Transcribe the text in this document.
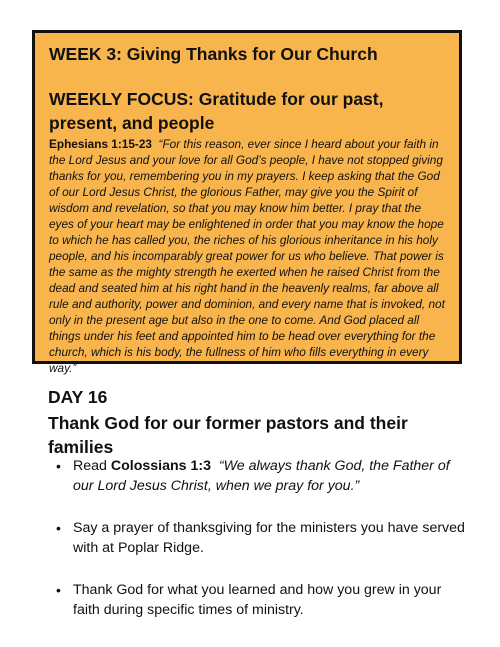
WEEK 3: Giving Thanks for Our Church

WEEKLY FOCUS: Gratitude for our past, present, and people

Ephesians 1:15-23 “For this reason, ever since I heard about your faith in the Lord Jesus and your love for all God’s people, I have not stopped giving thanks for you, remembering you in my prayers. I keep asking that the God of our Lord Jesus Christ, the glorious Father, may give you the Spirit of wisdom and revelation, so that you may know him better. I pray that the eyes of your heart may be enlightened in order that you may know the hope to which he has called you, the riches of his glorious inheritance in his holy people, and his incomparably great power for us who believe. That power is the same as the mighty strength he exerted when he raised Christ from the dead and seated him at his right hand in the heavenly realms, far above all rule and authority, power and dominion, and every name that is invoked, not only in the present age but also in the one to come. And God placed all things under his feet and appointed him to be head over everything for the church, which is his body, the fullness of him who fills everything in every way.”

DAY 16

Thank God for our former pastors and their families

• Read Colossians 1:3 “We always thank God, the Father of our Lord Jesus Christ, when we pray for you.”
• Say a prayer of thanksgiving for the ministers you have served with at Poplar Ridge.
• Thank God for what you learned and how you grew in your faith during specific times of ministry.
